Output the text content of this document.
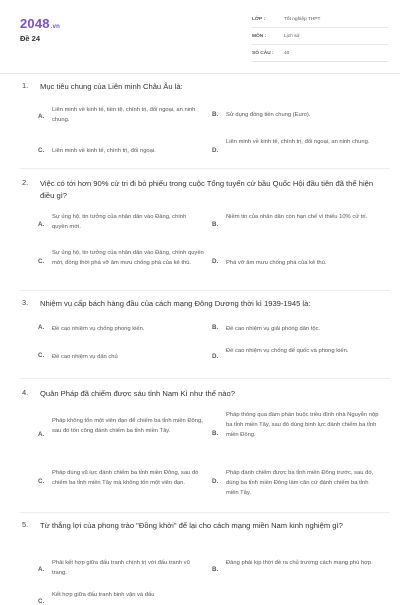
2048.vn
Đề 24
LỚP :	Tốt nghiệp THPT
MÔN :	Lịch sử
SỐ CÂU : 40
1. Mục tiêu chung của Liên minh Châu Âu là:
A.
Liên minh về kinh tế, tiền tệ, chính trị, đối ngoại, an ninh chung.
B. Sử dụng đồng tiền chung (Euro).
C. Liên minh về kinh tế, chính trị, đối ngoại.	D.
Liên minh về kinh tế, chính trị, đối ngoại, an ninh chung.
2. Việc có tới hơn 90% cử tri đi bỏ phiếu trong cuộc Tổng tuyển cử bầu Quốc Hội đầu tiên đã thể hiện điều gì?
A.
Sự ủng hộ, tin tưởng của nhân dân vào Đảng, chính quyền mới.	B.
Niềm tin của nhân dân còn hạn chế vì thiếu 10% cử tri.
C.
Sự ủng hộ, tin tưởng của nhân dân vào Đảng, chính quyền mới, đồng thời phá vỡ âm mưu chống phá của kẻ thù.	D. Phá vỡ âm mưu chống phá của kẻ thù.
3. Nhiệm vụ cấp bách hàng đầu của cách mạng Đông Dương thời kì 1939-1945 là:
A. Đề cao nhiệm vụ chống phong kiến.	B. Đề cao nhiệm vụ giải phóng dân tộc.
C. Đề cao nhiệm vụ dân chủ	D.
Đề cao nhiệm vụ chống đế quốc và phong kiến.
4. Quân Pháp đã chiếm được sáu tỉnh Nam Kì như thế nào?
A.
Pháp không tốn một viên đạn để chiếm ba tỉnh miền Đông, sau đó tốn công đánh chiếm ba tỉnh miền Tây.	B.
Pháp thông qua đàm phán buộc triều đình nhà Nguyễn nộp ba tỉnh miền Tây, sau đó dùng binh lực đánh chiếm ba tỉnh miền Đông.
C.
Pháp dùng vũ lực đánh chiếm ba tỉnh miền Đông, sau đó chiếm ba tỉnh miền Tây mà không tốn một viên đạn.	D.
Pháp đánh chiếm được ba tỉnh miền Đông trước, sau đó, dùng ba tỉnh miền Đông làm căn cứ đánh chiếm ba tỉnh miền Tây.
5. Từ thắng lợi của phong trào "Đồng khởi" để lại cho cách mạng miền Nam kinh nghiệm gì?
A.
Phải kết hợp giữa đấu tranh chính trị với đấu tranh vũ trang.	B.
Đảng phải kịp thời đề ra chủ trương cách mạng phù hợp.
C.
Kết hợp giữa đấu tranh binh vận và đấu
